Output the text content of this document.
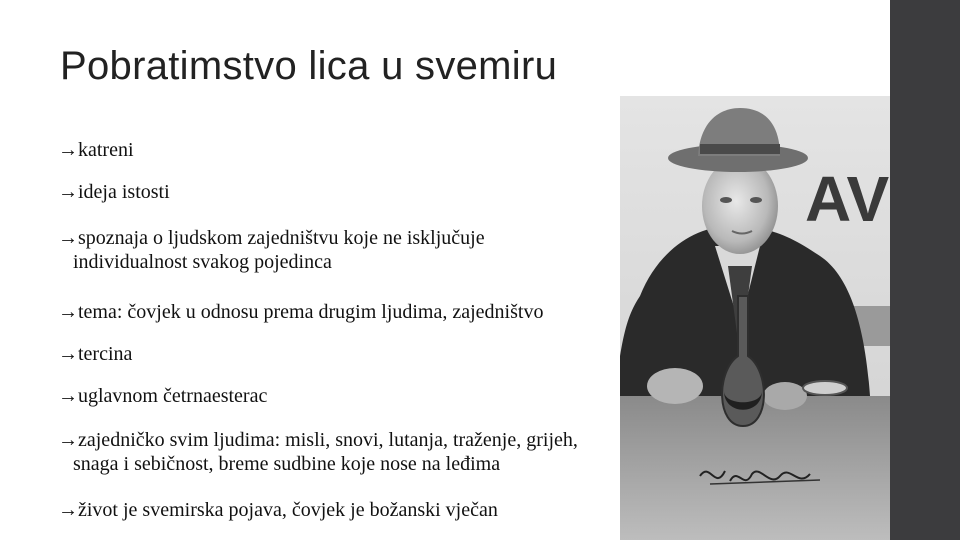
Pobratimstvo lica u svemiru
AV
→katreni
→ideja istosti
→spoznaja o ljudskom zajedništvu koje ne isključuje
individualnost svakog pojedinca
→tema: čovjek u odnosu prema drugim ljudima, zajedništvo
→tercina
→uglavnom četrnaesterac
→zajedničko svim ljudima: misli, snovi, lutanja, traženje, grijeh,
snaga i sebičnost, breme sudbine koje nose na leđima
→život je svemirska pojava, čovjek je božanski vječan
